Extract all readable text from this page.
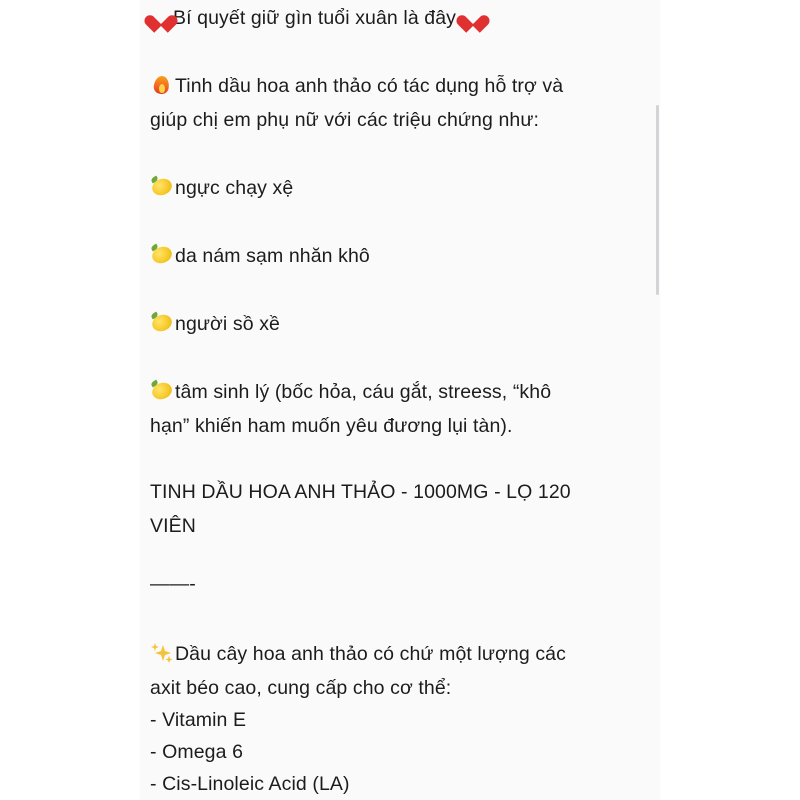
Bí quyết giữ gìn tuổi xuân là đây
Tinh dầu hoa anh thảo có tác dụng hỗ trợ và
giúp chị em phụ nữ với các triệu chứng như:
ngực chạy xệ
da nám sạm nhăn khô
người sồ xề
tâm sinh lý (bốc hỏa, cáu gắt, streess, “khô
hạn” khiến ham muốn yêu đương lụi tàn).
TINH DẦU HOA ANH THẢO - 1000MG - LỌ 120
VIÊN
——-
Dầu cây hoa anh thảo có chứ một lượng các
axit béo cao, cung cấp cho cơ thể:
- Vitamin E
- Omega 6
- Cis-Linoleic Acid (LA)
